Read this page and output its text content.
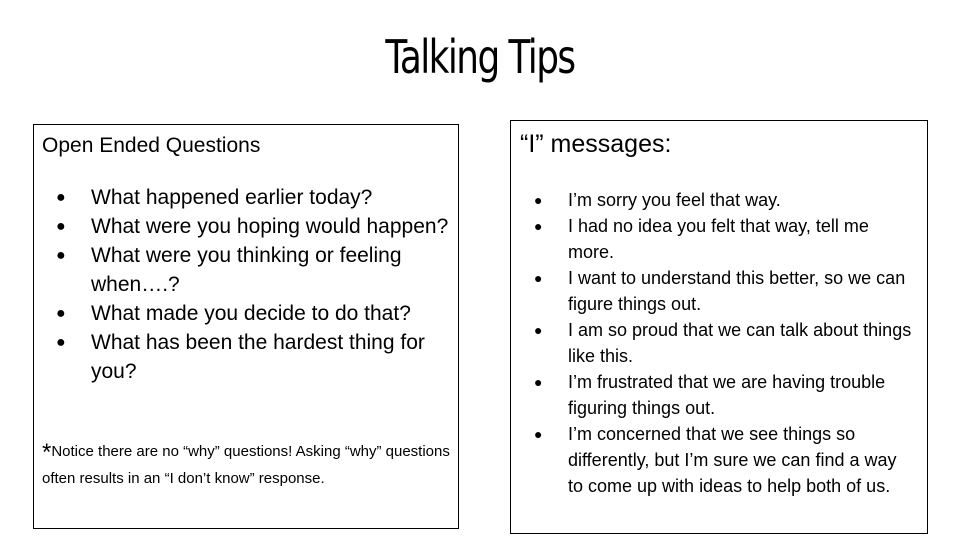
Talking Tips
Open Ended Questions
● What happened earlier today?
● What were you hoping would happen?
● What were you thinking or feeling when….?
● What made you decide to do that?
● What has been the hardest thing for you?
*Notice there are no “why” questions! Asking “why” questions often results in an “I don’t know” response.
“I” messages:
● I’m sorry you feel that way.
● I had no idea you felt that way, tell me more.
● I want to understand this better, so we can figure things out.
● I am so proud that we can talk about things like this.
● I’m frustrated that we are having trouble figuring things out.
● I’m concerned that we see things so differently, but I’m sure we can find a way to come up with ideas to help both of us.
